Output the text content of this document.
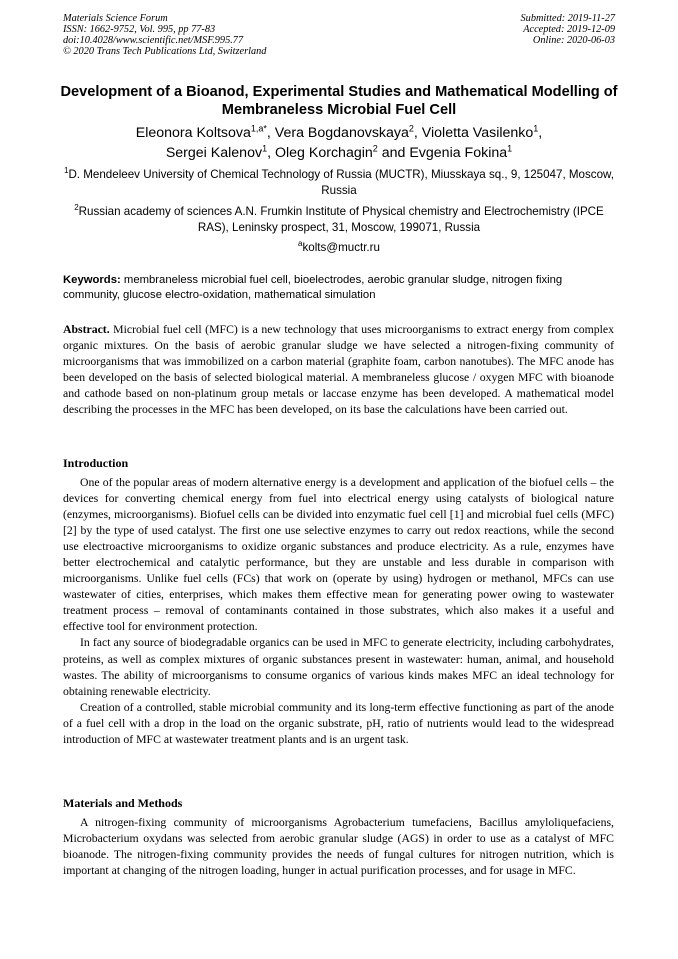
Materials Science Forum
ISSN: 1662-9752, Vol. 995, pp 77-83
doi:10.4028/www.scientific.net/MSF.995.77
© 2020 Trans Tech Publications Ltd, Switzerland
Submitted: 2019-11-27
Accepted: 2019-12-09
Online: 2020-06-03
Development of a Bioanod, Experimental Studies and Mathematical Modelling of Membraneless Microbial Fuel Cell
Eleonora Koltsova$^{1,a*}$, Vera Bogdanovskaya$^2$, Violetta Vasilenko$^1$,
Sergei Kalenov$^1$, Oleg Korchagin$^2$ and Evgenia Fokina$^1$
$^1$D. Mendeleev University of Chemical Technology of Russia (MUCTR), Miusskaya sq., 9, 125047, Moscow, Russia
$^2$Russian academy of sciences A.N. Frumkin Institute of Physical chemistry and Electrochemistry (IPCE RAS), Leninsky prospect, 31, Moscow, 199071, Russia
$^a$kolts@muctr.ru
Keywords: membraneless microbial fuel cell, bioelectrodes, aerobic granular sludge, nitrogen fixing community, glucose electro-oxidation, mathematical simulation
Abstract. Microbial fuel cell (MFC) is a new technology that uses microorganisms to extract energy from complex organic mixtures. On the basis of aerobic granular sludge we have selected a nitrogen-fixing community of microorganisms that was immobilized on a carbon material (graphite foam, carbon nanotubes). The MFC anode has been developed on the basis of selected biological material. A membraneless glucose / oxygen MFC with bioanode and cathode based on non-platinum group metals or laccase enzyme has been developed. A mathematical model describing the processes in the MFC has been developed, on its base the calculations have been carried out.
Introduction

One of the popular areas of modern alternative energy is a development and application of the biofuel cells – the devices for converting chemical energy from fuel into electrical energy using catalysts of biological nature (enzymes, microorganisms). Biofuel cells can be divided into enzymatic fuel cell [1] and microbial fuel cells (MFC) [2] by the type of used catalyst. The first one use selective enzymes to carry out redox reactions, while the second use electroactive microorganisms to oxidize organic substances and produce electricity. As a rule, enzymes have better electrochemical and catalytic performance, but they are unstable and less durable in comparison with microorganisms. Unlike fuel cells (FCs) that work on (operate by using) hydrogen or methanol, MFCs can use wastewater of cities, enterprises, which makes them effective mean for generating power owing to wastewater treatment process – removal of contaminants contained in those substrates, which also makes it a useful and effective tool for environment protection.

In fact any source of biodegradable organics can be used in MFC to generate electricity, including carbohydrates, proteins, as well as complex mixtures of organic substances present in wastewater: human, animal, and household wastes. The ability of microorganisms to consume organics of various kinds makes MFC an ideal technology for obtaining renewable electricity.

Creation of a controlled, stable microbial community and its long-term effective functioning as part of the anode of a fuel cell with a drop in the load on the organic substrate, pH, ratio of nutrients would lead to the widespread introduction of MFC at wastewater treatment plants and is an urgent task.

Materials and Methods

A nitrogen-fixing community of microorganisms Agrobacterium tumefaciens, Bacillus amyloliquefaciens, Microbacterium oxydans was selected from aerobic granular sludge (AGS) in order to use as a catalyst of MFC bioanode. The nitrogen-fixing community provides the needs of fungal cultures for nitrogen nutrition, which is important at changing of the nitrogen loading, hunger in actual purification processes, and for usage in MFC.
